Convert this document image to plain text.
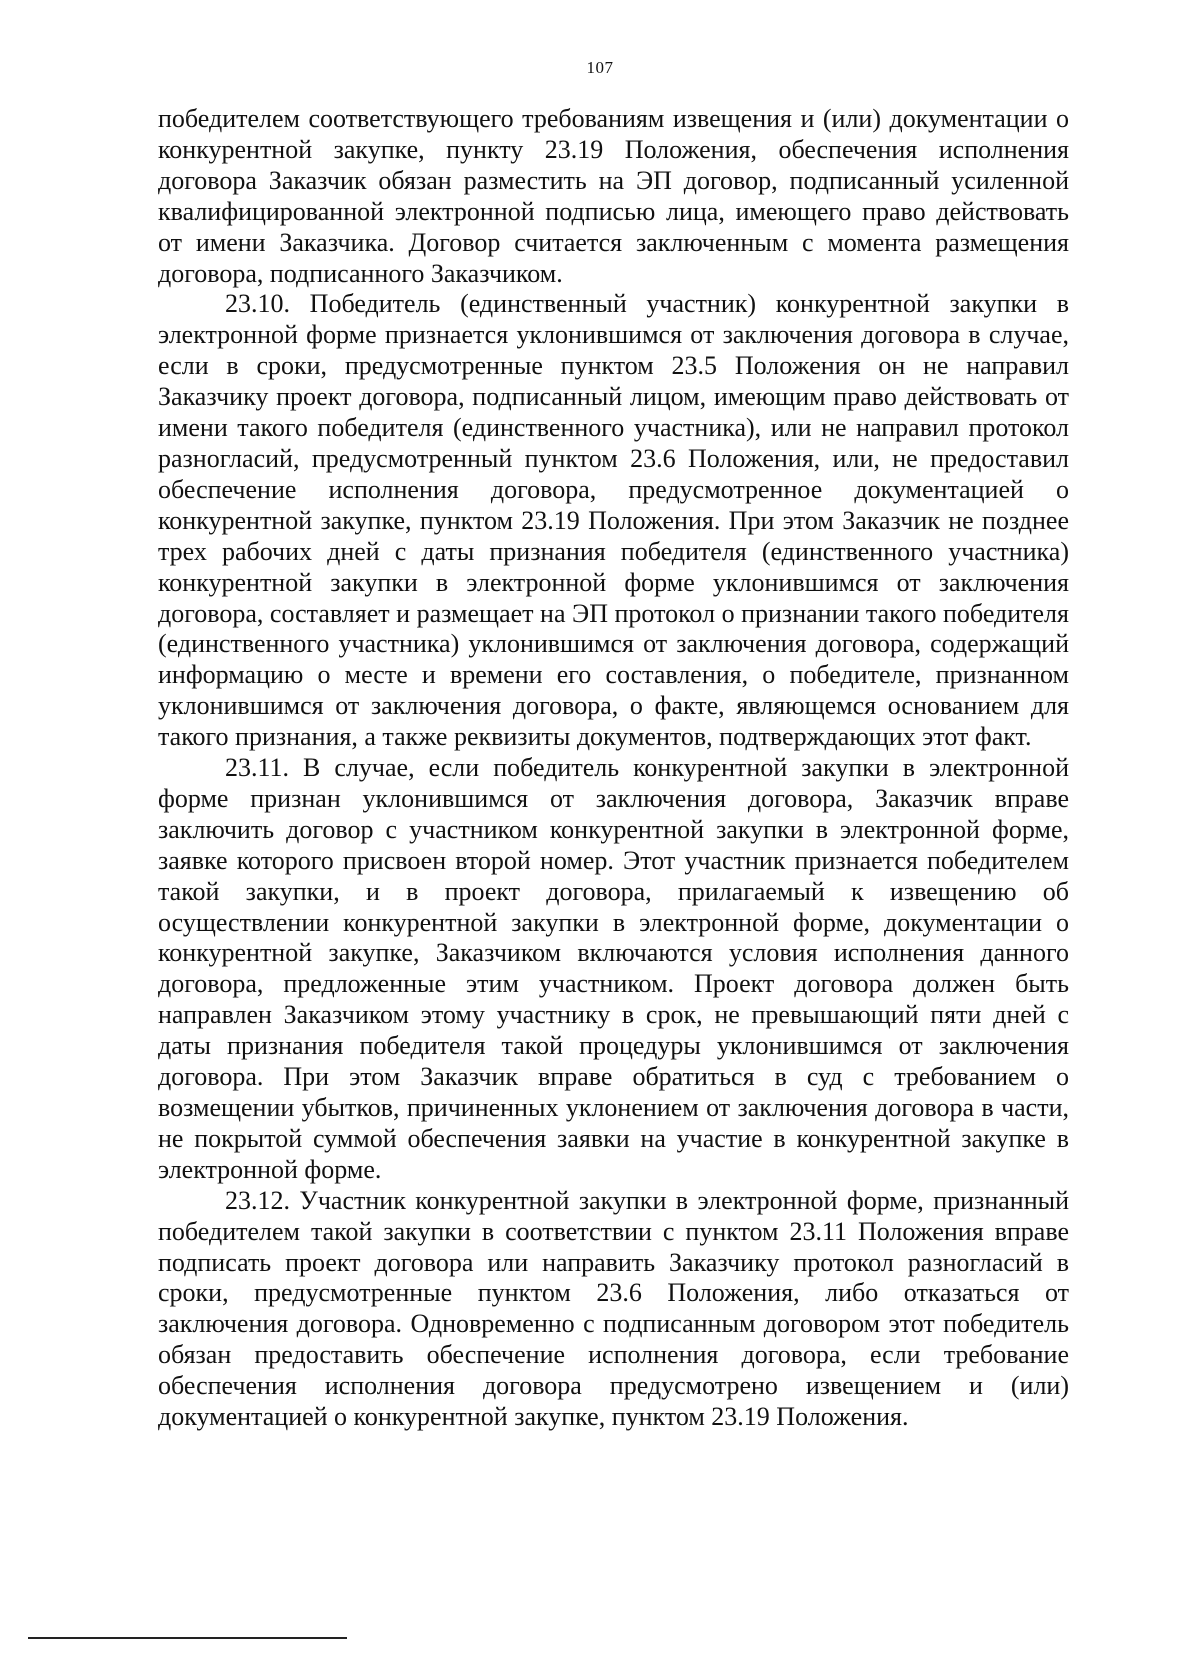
107

победителем соответствующего требованиям извещения и (или) документации о конкурентной закупке, пункту 23.19 Положения, обеспечения исполнения договора Заказчик обязан разместить на ЭП договор, подписанный усиленной квалифицированной электронной подписью лица, имеющего право действовать от имени Заказчика. Договор считается заключенным с момента размещения договора, подписанного Заказчиком.

23.10. Победитель (единственный участник) конкурентной закупки в электронной форме признается уклонившимся от заключения договора в случае, если в сроки, предусмотренные пунктом 23.5 Положения он не направил Заказчику проект договора, подписанный лицом, имеющим право действовать от имени такого победителя (единственного участника), или не направил протокол разногласий, предусмотренный пунктом 23.6 Положения, или, не предоставил обеспечение исполнения договора, предусмотренное документацией о конкурентной закупке, пунктом 23.19 Положения. При этом Заказчик не позднее трех рабочих дней с даты признания победителя (единственного участника) конкурентной закупки в электронной форме уклонившимся от заключения договора, составляет и размещает на ЭП протокол о признании такого победителя (единственного участника) уклонившимся от заключения договора, содержащий информацию о месте и времени его составления, о победителе, признанном уклонившимся от заключения договора, о факте, являющемся основанием для такого признания, а также реквизиты документов, подтверждающих этот факт.

23.11. В случае, если победитель конкурентной закупки в электронной форме признан уклонившимся от заключения договора, Заказчик вправе заключить договор с участником конкурентной закупки в электронной форме, заявке которого присвоен второй номер. Этот участник признается победителем такой закупки, и в проект договора, прилагаемый к извещению об осуществлении конкурентной закупки в электронной форме, документации о конкурентной закупке, Заказчиком включаются условия исполнения данного договора, предложенные этим участником. Проект договора должен быть направлен Заказчиком этому участнику в срок, не превышающий пяти дней с даты признания победителя такой процедуры уклонившимся от заключения договора. При этом Заказчик вправе обратиться в суд с требованием о возмещении убытков, причиненных уклонением от заключения договора в части, не покрытой суммой обеспечения заявки на участие в конкурентной закупке в электронной форме.

23.12. Участник конкурентной закупки в электронной форме, признанный победителем такой закупки в соответствии с пунктом 23.11 Положения вправе подписать проект договора или направить Заказчику протокол разногласий в сроки, предусмотренные пунктом 23.6 Положения, либо отказаться от заключения договора. Одновременно с подписанным договором этот победитель обязан предоставить обеспечение исполнения договора, если требование обеспечения исполнения договора предусмотрено извещением и (или) документацией о конкурентной закупке, пунктом 23.19 Положения.
